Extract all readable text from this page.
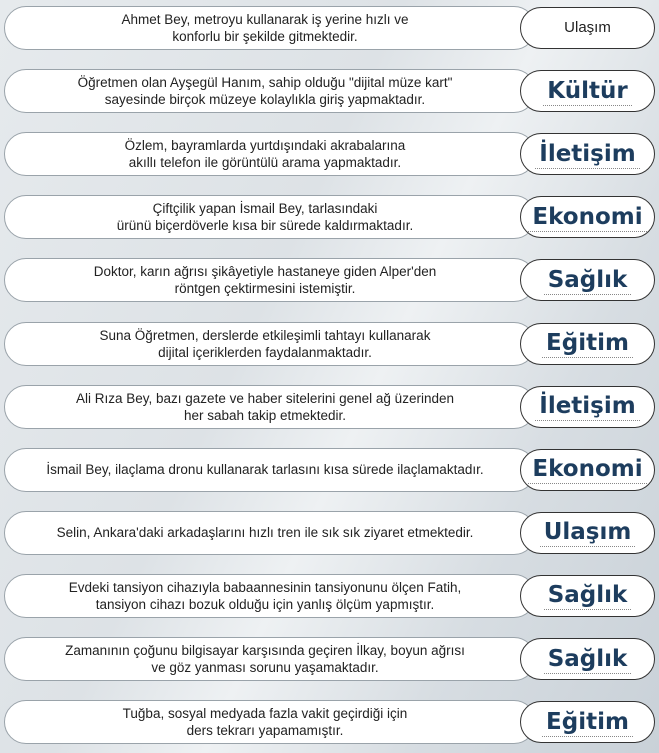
Ahmet Bey, metroyu kullanarak iş yerine hızlı ve
konforlu bir şekilde gitmektedir.
Ulaşım
Öğretmen olan Ayşegül Hanım, sahip olduğu "dijital müze kart"
sayesinde birçok müzeye kolaylıkla giriş yapmaktadır.	Kültür
Özlem, bayramlarda yurtdışındaki akrabalarına
akıllı telefon ile görüntülü arama yapmaktadır.	İletişim
Çiftçilik yapan İsmail Bey, tarlasındaki
ürünü biçerdöverle kısa bir sürede kaldırmaktadır.	Ekonomi
Doktor, karın ağrısı şikâyetiyle hastaneye giden Alper'den
röntgen çektirmesini istemiştir.	Sağlık
Suna Öğretmen, derslerde etkileşimli tahtayı kullanarak
dijital içeriklerden faydalanmaktadır.	Eğitim
Ali Rıza Bey, bazı gazete ve haber sitelerini genel ağ üzerinden
her sabah takip etmektedir.	İletişim
İsmail Bey, ilaçlama dronu kullanarak tarlasını kısa sürede ilaçlamaktadır. Ekonomi
Selin, Ankara'daki arkadaşlarını hızlı tren ile sık sık ziyaret etmektedir.	Ulaşım
Evdeki tansiyon cihazıyla babaannesinin tansiyonunu ölçen Fatih,
tansiyon cihazı bozuk olduğu için yanlış ölçüm yapmıştır.	Sağlık
Zamanının çoğunu bilgisayar karşısında geçiren İlkay, boyun ağrısı
ve göz yanması sorunu yaşamaktadır.	Sağlık
Tuğba, sosyal medyada fazla vakit geçirdiği için
ders tekrarı yapamamıştır.	Eğitim
